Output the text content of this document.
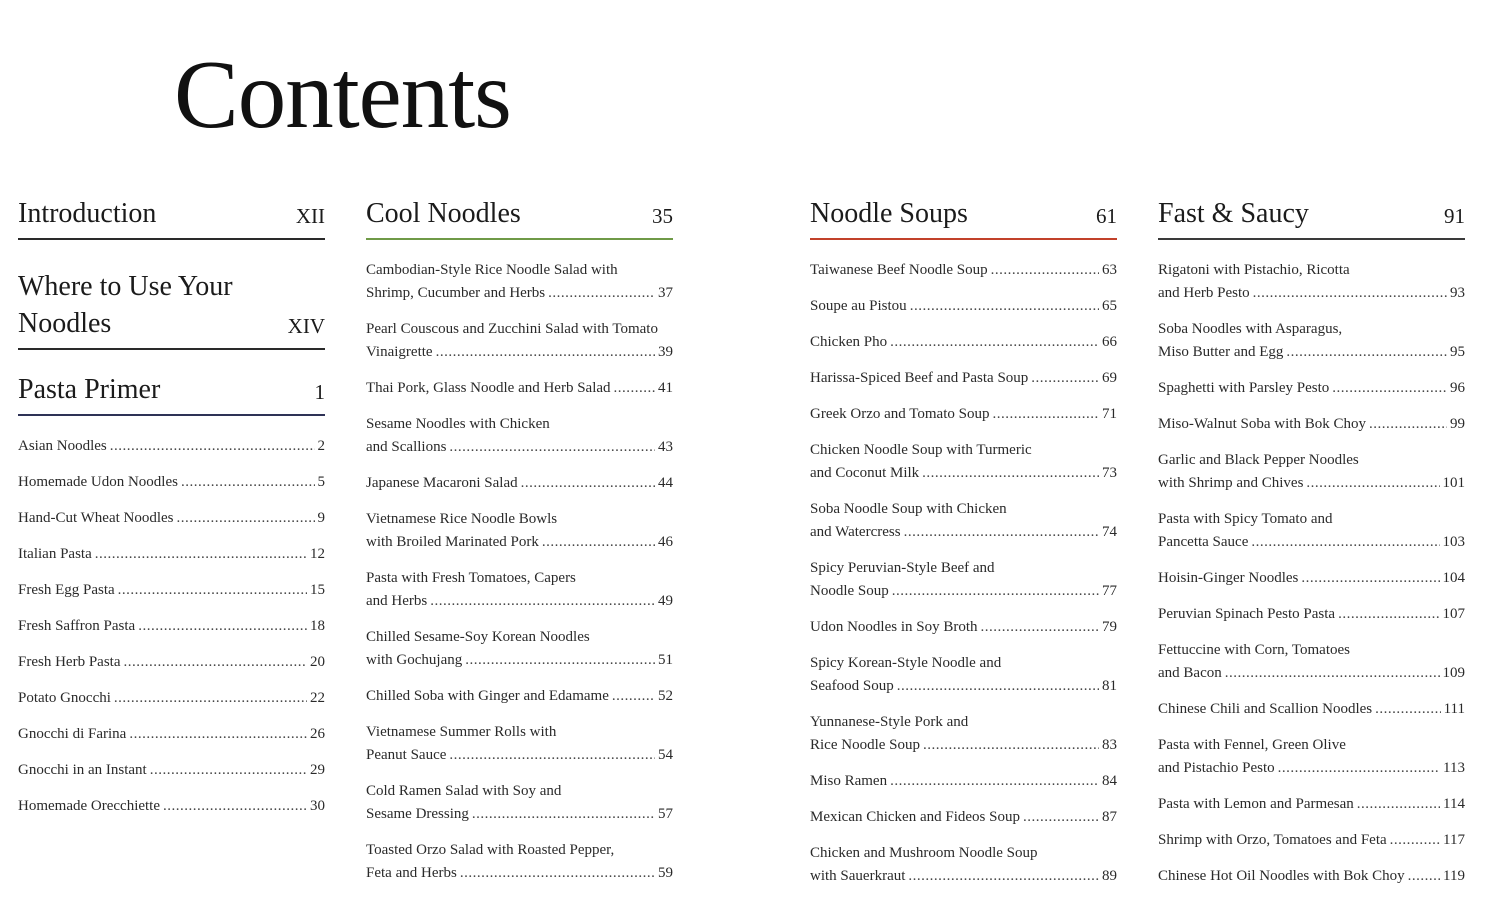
Contents
Introduction	XII
Where to Use Your
Noodles	XIV
Pasta Primer	1
Asian Noodles .....	2
Homemade Udon Noodles .....	5
Hand-Cut Wheat Noodles .....	9
Italian Pasta .....	12
Fresh Egg Pasta .....	15
Fresh Saffron Pasta .....	18
Fresh Herb Pasta .....	20
Potato Gnocchi .....	22
Gnocchi di Farina .....	26
Gnocchi in an Instant .....	29
Homemade Orecchiette .....	30
Cool Noodles	35
Cambodian-Style Rice Noodle Salad with
Shrimp, Cucumber and Herbs .....	37
Pearl Couscous and Zucchini Salad with Tomato
Vinaigrette .....	39
Thai Pork, Glass Noodle and Herb Salad .....	41
Sesame Noodles with Chicken
and Scallions .....	43
Japanese Macaroni Salad .....	44
Vietnamese Rice Noodle Bowls
with Broiled Marinated Pork .....	46
Pasta with Fresh Tomatoes, Capers
and Herbs .....	49
Chilled Sesame-Soy Korean Noodles
with Gochujang .....	51
Chilled Soba with Ginger and Edamame .....	52
Vietnamese Summer Rolls with
Peanut Sauce .....	54
Cold Ramen Salad with Soy and
Sesame Dressing .....	57
Toasted Orzo Salad with Roasted Pepper,
Feta and Herbs .....	59
Noodle Soups	61
Taiwanese Beef Noodle Soup .....	63
Soupe au Pistou .....	65
Chicken Pho .....	66
Harissa-Spiced Beef and Pasta Soup .....	69
Greek Orzo and Tomato Soup .....	71
Chicken Noodle Soup with Turmeric
and Coconut Milk .....	73
Soba Noodle Soup with Chicken
and Watercress .....	74
Spicy Peruvian-Style Beef and
Noodle Soup .....	77
Udon Noodles in Soy Broth .....	79
Spicy Korean-Style Noodle and
Seafood Soup .....	81
Yunnanese-Style Pork and
Rice Noodle Soup .....	83
Miso Ramen .....	84
Mexican Chicken and Fideos Soup .....	87
Chicken and Mushroom Noodle Soup
with Sauerkraut .....	89
Fast & Saucy	91
Rigatoni with Pistachio, Ricotta
and Herb Pesto .....	93
Soba Noodles with Asparagus,
Miso Butter and Egg .....	95
Spaghetti with Parsley Pesto .....	96
Miso-Walnut Soba with Bok Choy .....	99
Garlic and Black Pepper Noodles
with Shrimp and Chives .....	101
Pasta with Spicy Tomato and
Pancetta Sauce .....	103
Hoisin-Ginger Noodles .....	104
Peruvian Spinach Pesto Pasta .....	107
Fettuccine with Corn, Tomatoes
and Bacon .....	109
Chinese Chili and Scallion Noodles .....	111
Pasta with Fennel, Green Olive
and Pistachio Pesto .....	113
Pasta with Lemon and Parmesan .....	114
Shrimp with Orzo, Tomatoes and Feta .....	117
Chinese Hot Oil Noodles with Bok Choy .....	119
